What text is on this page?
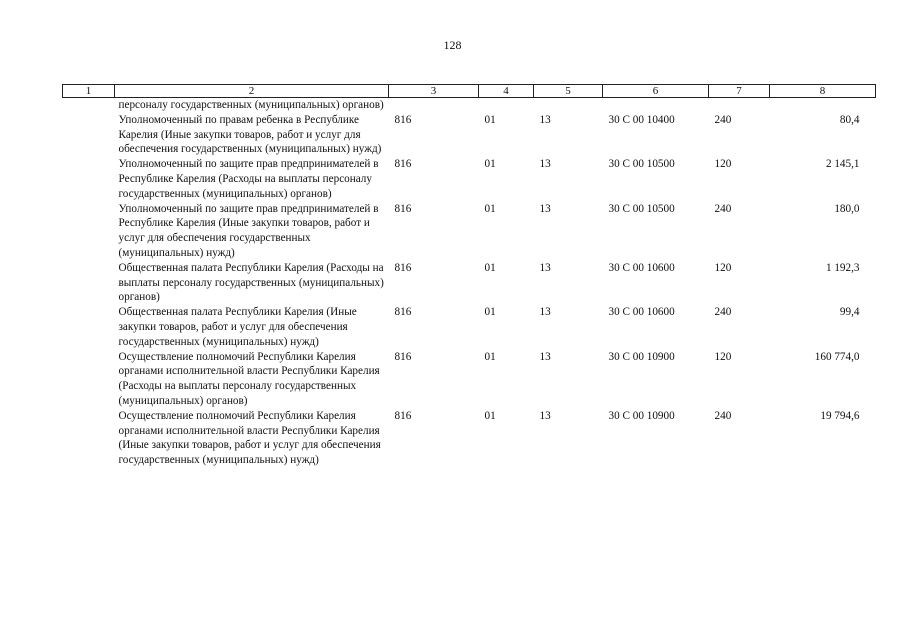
128
1	2	3	4	5	6	7	8
	персоналу государственных (муниципальных) органов)						
	Уполномоченный по правам ребенка в Республике Карелия (Иные закупки товаров, работ и услуг для обеспечения государственных (муниципальных) нужд)	816	01	13	30 С 00 10400	240	80,4
	Уполномоченный по защите прав предпринимателей в Республике Карелия (Расходы на выплаты персоналу государственных (муниципальных) органов)	816	01	13	30 С 00 10500	120	2 145,1
	Уполномоченный по защите прав предпринимателей в Республике Карелия (Иные закупки товаров, работ и услуг для обеспечения государственных (муниципальных) нужд)	816	01	13	30 С 00 10500	240	180,0
	Общественная палата Республики Карелия (Расходы на выплаты персоналу государственных (муниципальных) органов)	816	01	13	30 С 00 10600	120	1 192,3
	Общественная палата Республики Карелия (Иные закупки товаров, работ и услуг для обеспечения государственных (муниципальных) нужд)	816	01	13	30 С 00 10600	240	99,4
	Осуществление полномочий Республики Карелия органами исполнительной власти Республики Карелия (Расходы на выплаты персоналу государственных (муниципальных) органов)	816	01	13	30 С 00 10900	120	160 774,0
	Осуществление полномочий Республики Карелия органами исполнительной власти Республики Карелия (Иные закупки товаров, работ и услуг для обеспечения государственных (муниципальных) нужд)	816	01	13	30 С 00 10900	240	19 794,6
